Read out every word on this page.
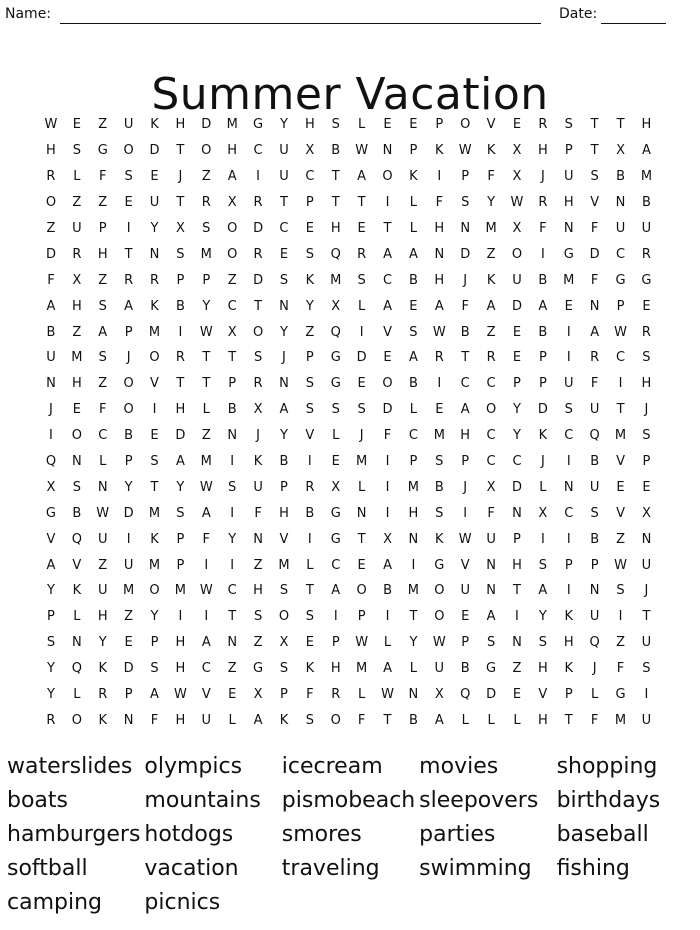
Name:	Date:
Summer Vacation
W	E	Z	U	K	H	D	M	G	Y	H	S	L	E	E	P	O	V	E	R	S	T	T	H
H	S	G	O	D	T	O	H	C	U	X	B	W	N	P	K	W	K	X	H	P	T	X	A
R	L	F	S	E	J	Z	A	I	U	C	T	A	O	K	I	P	F	X	J	U	S	B	M
O	Z	Z	E	U	T	R	X	R	T	P	T	T	I	L	F	S	Y	W	R	H	V	N	B
Z	U	P	I	Y	X	S	O	D	C	E	H	E	T	L	H	N	M	X	F	N	F	U	U
D	R	H	T	N	S	M	O	R	E	S	Q	R	A	A	N	D	Z	O	I	G	D	C	R
F	X	Z	R	R	P	P	Z	D	S	K	M	S	C	B	H	J	K	U	B	M	F	G	G
A	H	S	A	K	B	Y	C	T	N	Y	X	L	A	E	A	F	A	D	A	E	N	P	E
B	Z	A	P	M	I	W	X	O	Y	Z	Q	I	V	S	W	B	Z	E	B	I	A	W	R
U	M	S	J	O	R	T	T	S	J	P	G	D	E	A	R	T	R	E	P	I	R	C	S
N	H	Z	O	V	T	T	P	R	N	S	G	E	O	B	I	C	C	P	P	U	F	I	H
J	E	F	O	I	H	L	B	X	A	S	S	S	D	L	E	A	O	Y	D	S	U	T	J
I	O	C	B	E	D	Z	N	J	Y	V	L	J	F	C	M	H	C	Y	K	C	Q	M	S
Q	N	L	P	S	A	M	I	K	B	I	E	M	I	P	S	P	C	C	J	I	B	V	P
X	S	N	Y	T	Y	W	S	U	P	R	X	L	I	M	B	J	X	D	L	N	U	E	E
G	B	W	D	M	S	A	I	F	H	B	G	N	I	H	S	I	F	N	X	C	S	V	X
V	Q	U	I	K	P	F	Y	N	V	I	G	T	X	N	K	W	U	P	I	I	B	Z	N
A	V	Z	U	M	P	I	I	Z	M	L	C	E	A	I	G	V	N	H	S	P	P	W	U
Y	K	U	M	O	M	W	C	H	S	T	A	O	B	M	O	U	N	T	A	I	N	S	J
P	L	H	Z	Y	I	I	T	S	O	S	I	P	I	T	O	E	A	I	Y	K	U	I	T
S	N	Y	E	P	H	A	N	Z	X	E	P	W	L	Y	W	P	S	N	S	H	Q	Z	U
Y	Q	K	D	S	H	C	Z	G	S	K	H	M	A	L	U	B	G	Z	H	K	J	F	S
Y	L	R	P	A	W	V	E	X	P	F	R	L	W	N	X	Q	D	E	V	P	L	G	I
R	O	K	N	F	H	U	L	A	K	S	O	F	T	B	A	L	L	L	H	T	F	M	U
waterslides olympics	icecream	movies	shopping
boats	mountains pismobeach sleepovers birthdays
hamburgers hotdogs	smores	parties	baseball
softball	vacation	traveling	swimming	fishing
camping	picnics
